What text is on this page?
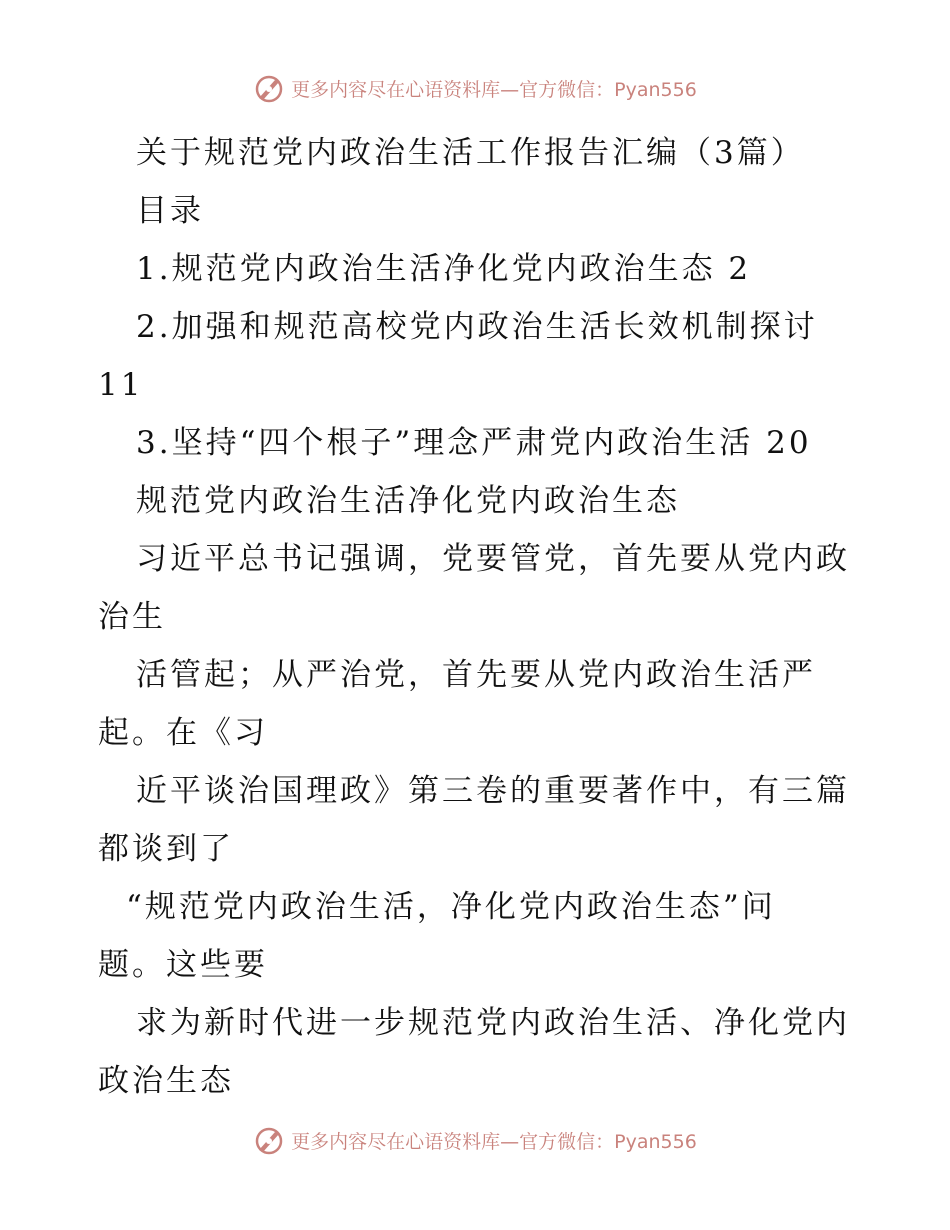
更多内容尽在心语资料库—官方微信：Pyan556

关于规范党内政治生活工作报告汇编（3篇）

目录

1.规范党内政治生活净化党内政治生态 2

2.加强和规范高校党内政治生活长效机制探讨

11

3.坚持“四个根子”理念严肃党内政治生活 20

规范党内政治生活净化党内政治生态

习近平总书记强调，党要管党，首先要从党内政

治生

活管起；从严治党，首先要从党内政治生活严

起。在《习

近平谈治国理政》第三卷的重要著作中，有三篇

都谈到了

“规范党内政治生活，净化党内政治生态”问

题。这些要

求为新时代进一步规范党内政治生活、净化党内

政治生态

更多内容尽在心语资料库—官方微信：Pyan556
